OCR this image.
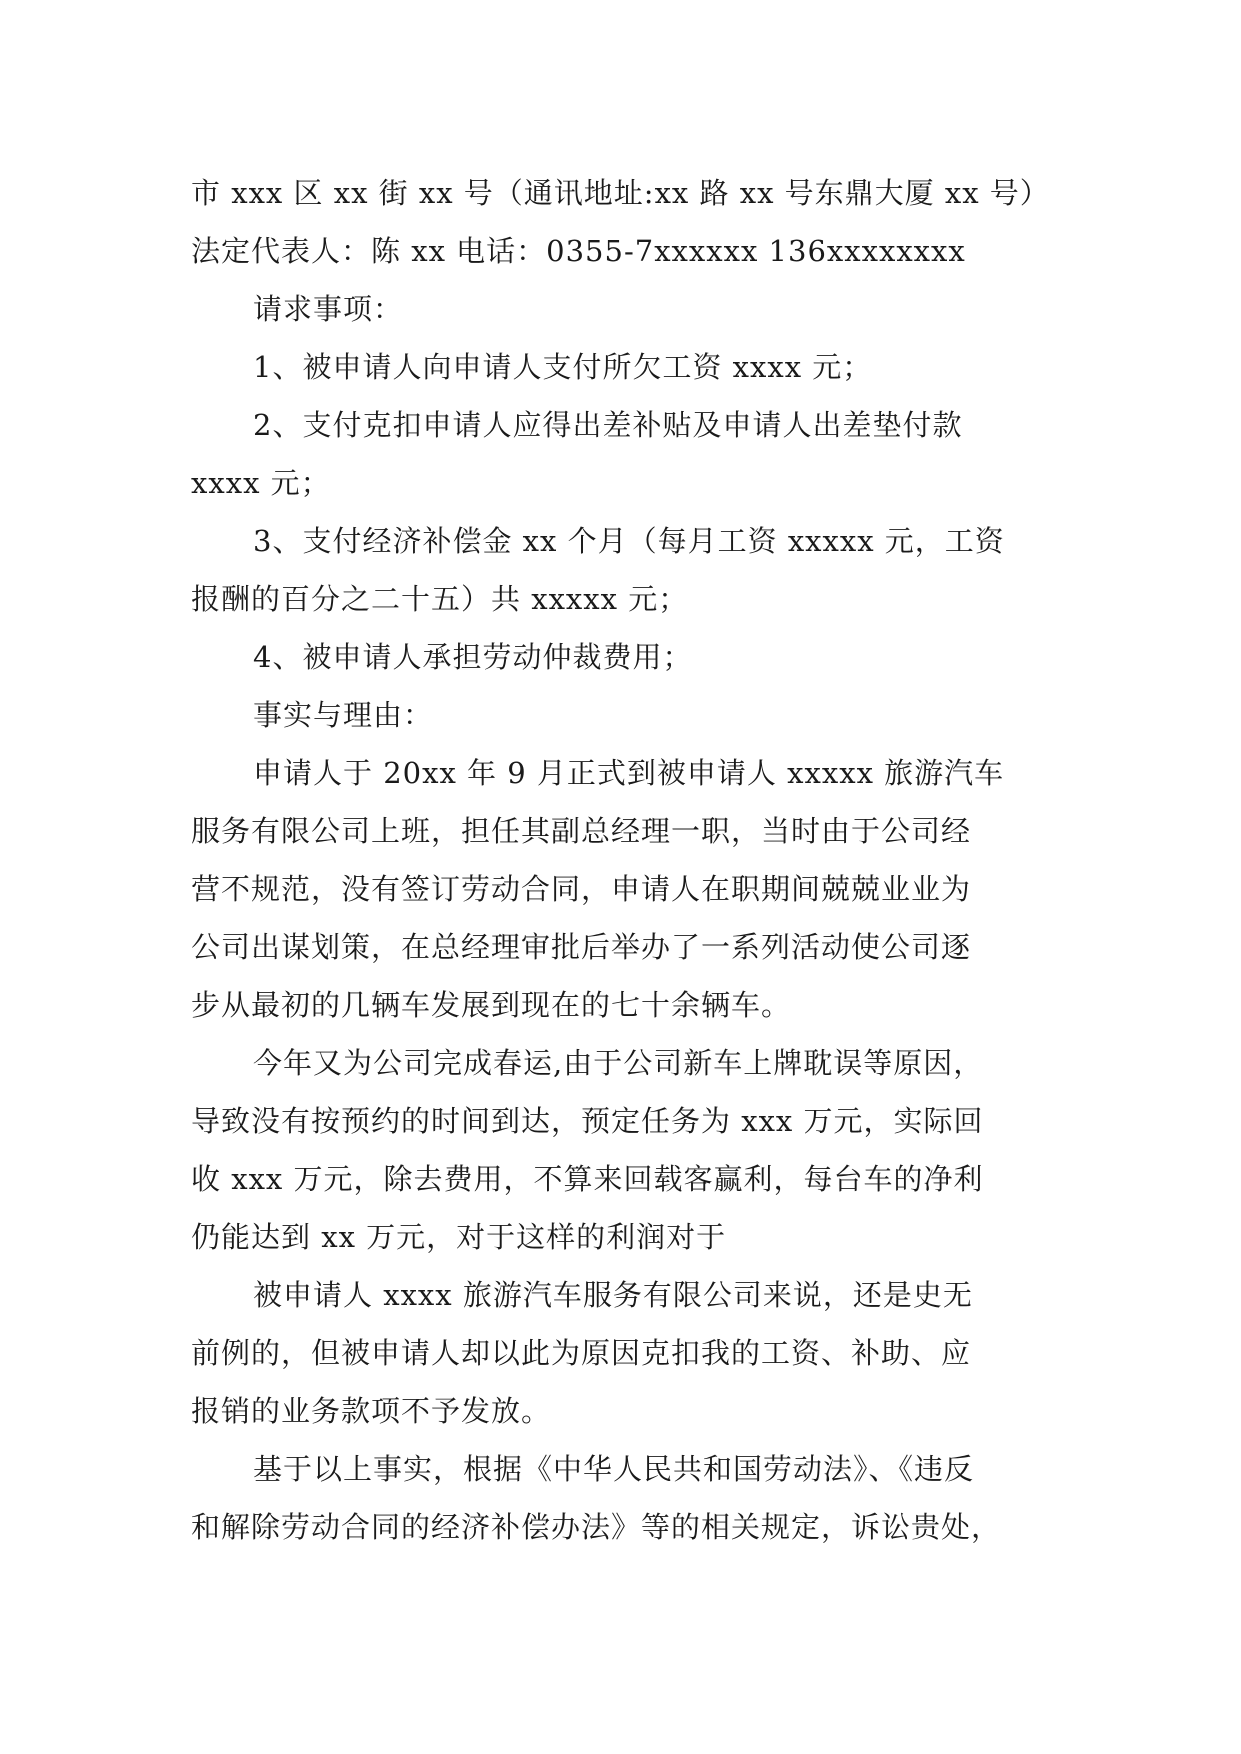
市 xxx 区 xx 街 xx 号（通讯地址:xx 路 xx 号东鼎大厦 xx 号）
法定代表人：陈 xx 电话：0355-7xxxxxx 136xxxxxxxx
请求事项：
1、被申请人向申请人支付所欠工资 xxxx 元；
2、支付克扣申请人应得出差补贴及申请人出差垫付款
xxxx 元；
3、支付经济补偿金 xx 个月（每月工资 xxxxx 元，工资
报酬的百分之二十五）共 xxxxx 元；
4、被申请人承担劳动仲裁费用；
事实与理由：
申请人于 20xx 年 9 月正式到被申请人 xxxxx 旅游汽车
服务有限公司上班，担任其副总经理一职，当时由于公司经
营不规范，没有签订劳动合同，申请人在职期间兢兢业业为
公司出谋划策，在总经理审批后举办了一系列活动使公司逐
步从最初的几辆车发展到现在的七十余辆车。
今年又为公司完成春运,由于公司新车上牌耽误等原因，
导致没有按预约的时间到达，预定任务为 xxx 万元，实际回
收 xxx 万元，除去费用，不算来回载客赢利，每台车的净利
仍能达到 xx 万元，对于这样的利润对于
被申请人 xxxx 旅游汽车服务有限公司来说，还是史无
前例的，但被申请人却以此为原因克扣我的工资、补助、应
报销的业务款项不予发放。
基于以上事实，根据《中华人民共和国劳动法》、《违反
和解除劳动合同的经济补偿办法》等的相关规定，诉讼贵处，
